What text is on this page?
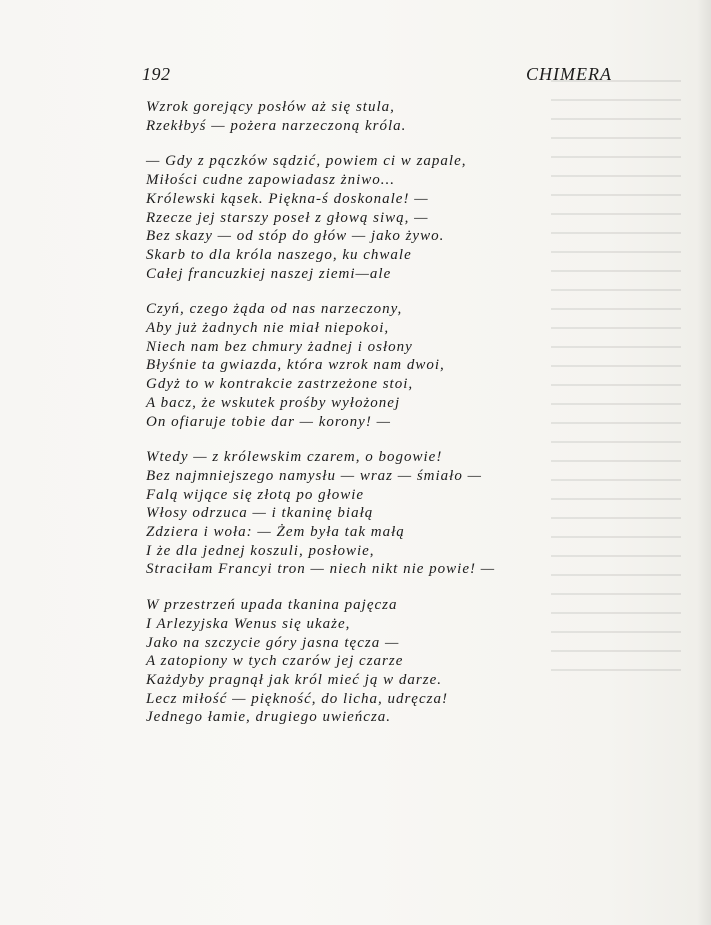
192	CHIMERA
Wzrok gorejący posłów aż się stula,
Rzekłbyś — pożera narzeczoną króla.
— Gdy z pączków sądzić, powiem ci w zapale,
Miłości cudne zapowiadasz żniwo...
Królewski kąsek. Piękna-ś doskonale! —
Rzecze jej starszy poseł z głową siwą, —
Bez skazy — od stóp do głów — jako żywo.
Skarb to dla króla naszego, ku chwale
Całej francuzkiej naszej ziemi—ale
Czyń, czego żąda od nas narzeczony,
Aby już żadnych nie miał niepokoi,
Niech nam bez chmury żadnej i osłony
Błyśnie ta gwiazda, która wzrok nam dwoi,
Gdyż to w kontrakcie zastrzeżone stoi,
A bacz, że wskutek prośby wyłożonej
On ofiaruje tobie dar — korony! —
Wtedy — z królewskim czarem, o bogowie!
Bez najmniejszego namysłu — wraz — śmiało —
Falą wijące się złotą po głowie
Włosy odrzuca — i tkaninę białą
Zdziera i woła: — Żem była tak małą
I że dla jednej koszuli, posłowie,
Straciłam Francyi tron — niech nikt nie powie! —
W przestrzeń upada tkanina pajęcza
I Arlezyjska Wenus się ukaże,
Jako na szczycie góry jasna tęcza —
A zatopiony w tych czarów jej czarze
Każdyby pragnął jak król mieć ją w darze.
Lecz miłość — piękność, do licha, udręcza!
Jednego łamie, drugiego uwieńcza.
